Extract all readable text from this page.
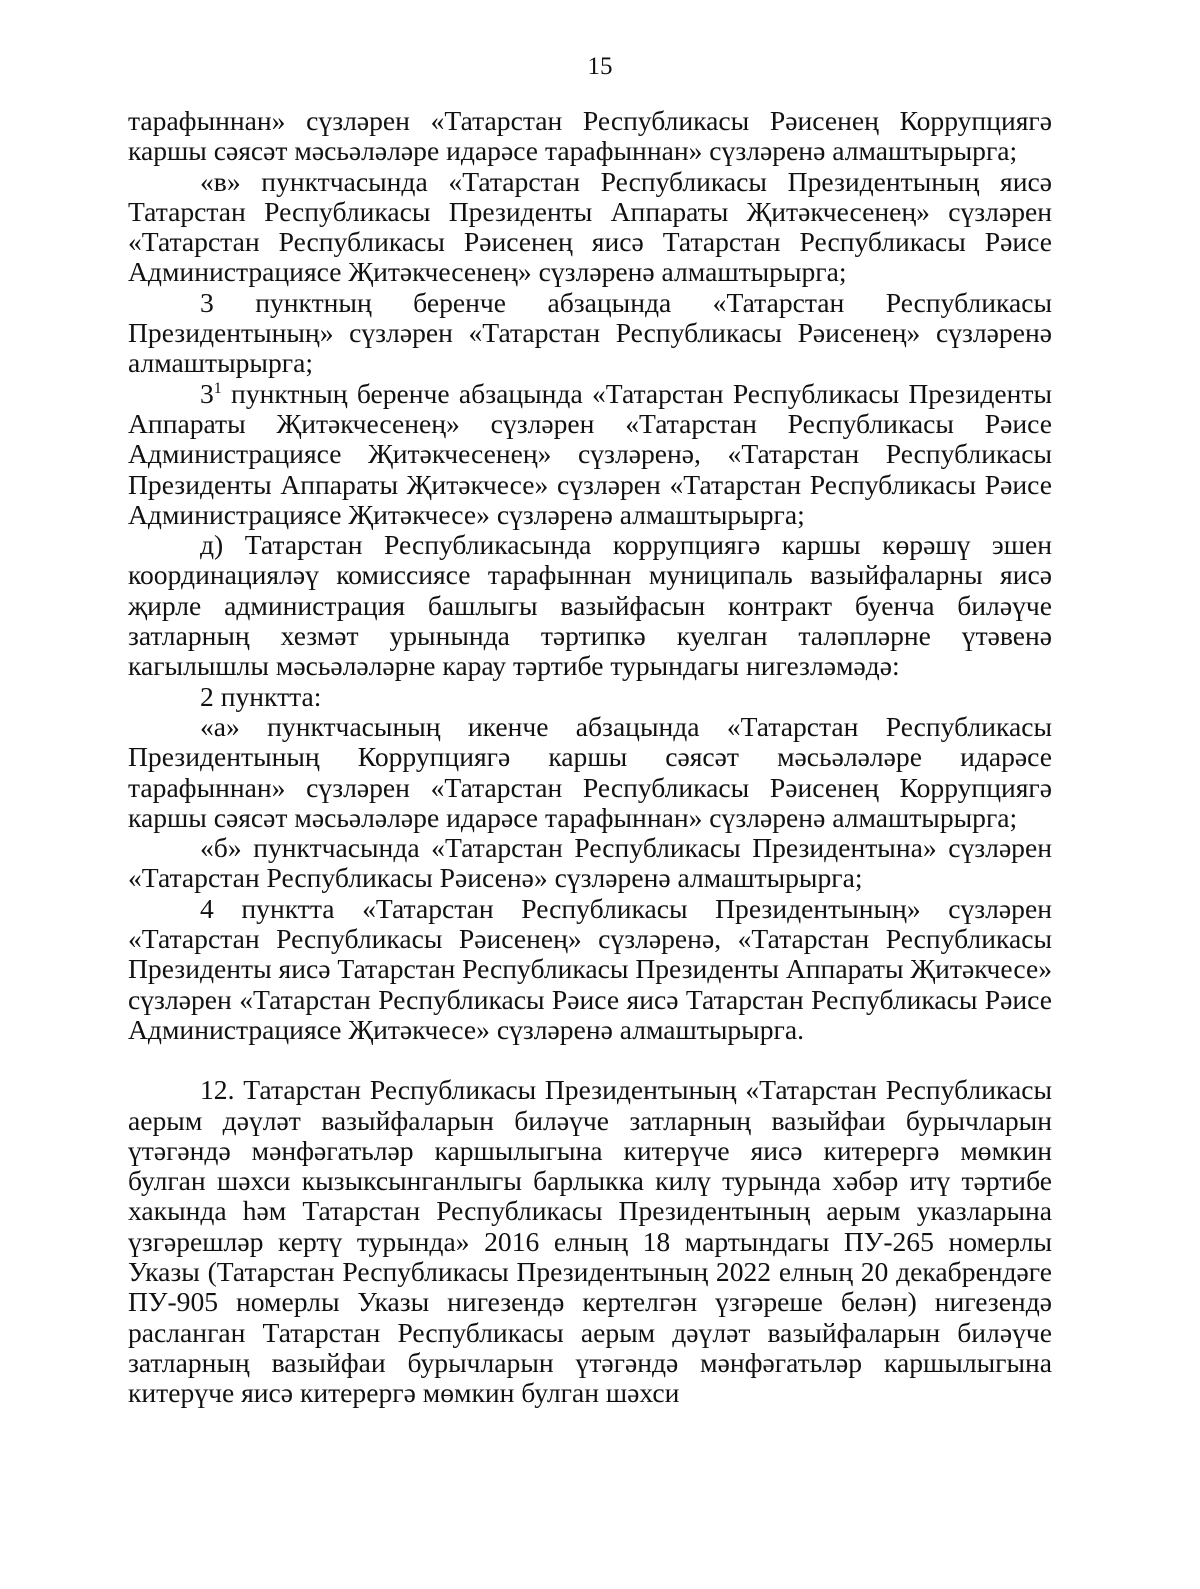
15

тарафыннан» сүзләрен «Татарстан Республикасы Рәисенең Коррупциягә каршы сәясәт мәсьәләләре идарәсе тарафыннан» сүзләренә алмаштырырга;

«в» пунктчасында «Татарстан Республикасы Президентының яисә Татарстан Республикасы Президенты Аппараты Җитәкчесенең» сүзләрен «Татарстан Республикасы Рәисенең яисә Татарстан Республикасы Рәисе Администрациясе Җитәкчесенең» сүзләренә алмаштырырга;

3 пунктның беренче абзацында «Татарстан Республикасы Президентының» сүзләрен «Татарстан Республикасы Рәисенең» сүзләренә алмаштырырга;

$3^1$ пунктның беренче абзацында «Татарстан Республикасы Президенты Аппараты Җитәкчесенең» сүзләрен «Татарстан Республикасы Рәисе Администрациясе Җитәкчесенең» сүзләренә, «Татарстан Республикасы Президенты Аппараты Җитәкчесе» сүзләрен «Татарстан Республикасы Рәисе Администрациясе Җитәкчесе» сүзләренә алмаштырырга;

д) Татарстан Республикасында коррупциягә каршы көрәшү эшен координацияләү комиссиясе тарафыннан муниципаль вазыйфаларны яисә җирле администрация башлыгы вазыйфасын контракт буенча биләүче затларның хезмәт урынында тәртипкә куелган таләпләрне үтәвенә кагылышлы мәсьәләләрне карау тәртибе турындагы нигезләмәдә:

2 пунктта:

«а» пунктчасының икенче абзацында «Татарстан Республикасы Президентының Коррупциягә каршы сәясәт мәсьәләләре идарәсе тарафыннан» сүзләрен «Татарстан Республикасы Рәисенең Коррупциягә каршы сәясәт мәсьәләләре идарәсе тарафыннан» сүзләренә алмаштырырга;

«б» пунктчасында «Татарстан Республикасы Президентына» сүзләрен «Татарстан Республикасы Рәисенә» сүзләренә алмаштырырга;

4 пунктта «Татарстан Республикасы Президентының» сүзләрен «Татарстан Республикасы Рәисенең» сүзләренә, «Татарстан Республикасы Президенты яисә Татарстан Республикасы Президенты Аппараты Җитәкчесе» сүзләрен «Татарстан Республикасы Рәисе яисә Татарстан Республикасы Рәисе Администрациясе Җитәкчесе» сүзләренә алмаштырырга.

12. Татарстан Республикасы Президентының «Татарстан Республикасы аерым дәүләт вазыйфаларын биләүче затларның вазыйфаи бурычларын үтәгәндә мәнфәгатьләр каршылыгына китерүче яисә китерергә мөмкин булган шәхси кызыксынганлыгы барлыкка килү турында хәбәр итү тәртибе хакында һәм Татарстан Республикасы Президентының аерым указларына үзгәрешләр кертү турында» 2016 елның 18 мартындагы ПУ-265 номерлы Указы (Татарстан Республикасы Президентының 2022 елның 20 декабрендәге ПУ-905 номерлы Указы нигезендә кертелгән үзгәреше белән) нигезендә расланган Татарстан Республикасы аерым дәүләт вазыйфаларын биләүче затларның вазыйфаи бурычларын үтәгәндә мәнфәгатьләр каршылыгына китерүче яисә китерергә мөмкин булган шәхси
